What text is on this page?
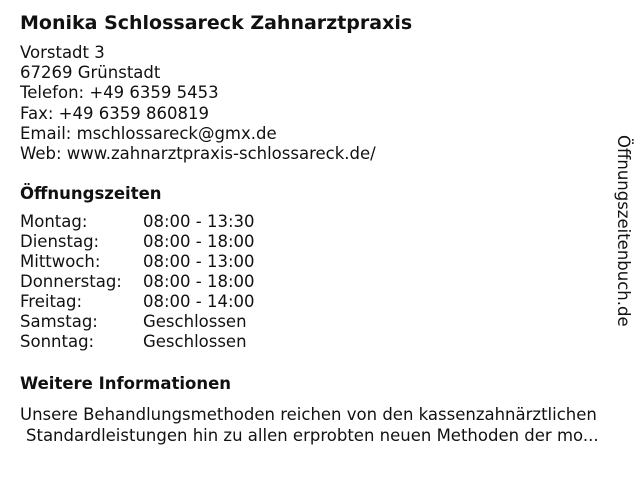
Monika Schlossareck Zahnarztpraxis
Vorstadt 3
67269 Grünstadt
Telefon: +49 6359 5453
Fax: +49 6359 860819
Email: mschlossareck@gmx.de
Web: www.zahnarztpraxis-schlossareck.de/
Öffnungszeiten
Montag:	08:00 - 13:30
Dienstag:	08:00 - 18:00
Mittwoch:	08:00 - 13:00
Donnerstag:	08:00 - 18:00
Freitag:	08:00 - 14:00
Samstag:	Geschlossen
Sonntag:	Geschlossen
Weitere Informationen
Unsere Behandlungsmethoden reichen von den kassenzahnärztlichen
Standardleistungen hin zu allen erprobten neuen Methoden der mo...
Öffnungszeitenbuch.de
